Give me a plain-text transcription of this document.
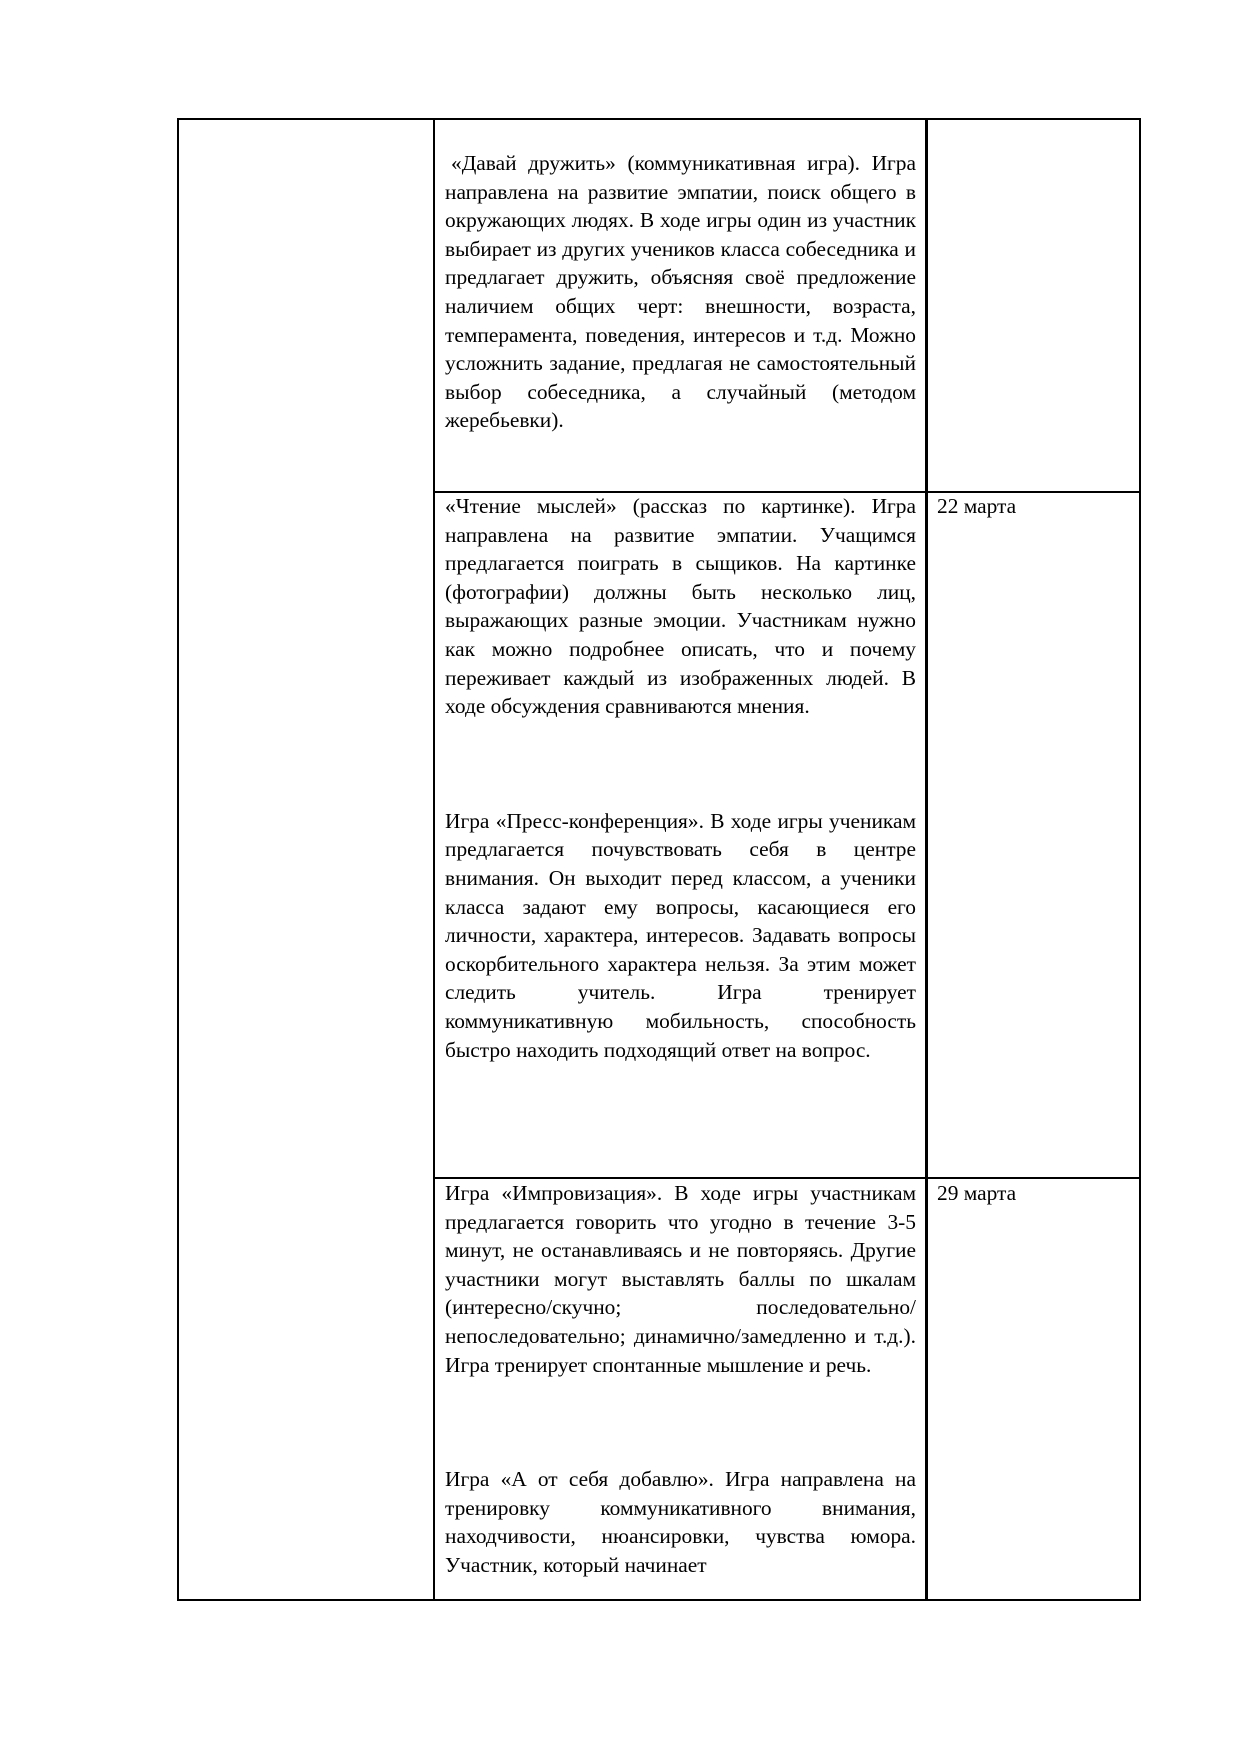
«Давай дружить» (коммуникативная игра). Игра направлена на развитие эмпатии, поиск общего в окружающих людях. В ходе игры один из участник выбирает из других учеников класса собеседника и предлагает дружить, объясняя своё предложение наличием общих черт: внешности, возраста, темперамента, поведения, интересов и т.д. Можно усложнить задание, предлагая не самостоятельный выбор собеседника, а случайный (методом жеребьевки).

«Чтение мыслей» (рассказ по картинке). Игра направлена на развитие эмпатии. Учащимся предлагается поиграть в сыщиков. На картинке (фотографии) должны быть несколько лиц, выражающих разные эмоции. Участникам нужно как можно подробнее описать, что и почему переживает каждый из изображенных людей. В ходе обсуждения сравниваются мнения.

Игра «Пресс-конференция». В ходе игры ученикам предлагается почувствовать себя в центре внимания. Он выходит перед классом, а ученики класса задают ему вопросы, касающиеся его личности, характера, интересов. Задавать вопросы оскорбительного характера нельзя. За этим может следить учитель. Игра тренирует коммуникативную мобильность, способность быстро находить подходящий ответ на вопрос.

22 марта

Игра «Импровизация». В ходе игры участникам предлагается говорить что угодно в течение 3-5 минут, не останавливаясь и не повторяясь. Другие участники могут выставлять баллы по шкалам (интересно/скучно; последовательно/непоследовательно; динамично/замедленно и т.д.). Игра тренирует спонтанные мышление и речь.

Игра «А от себя добавлю». Игра направлена на тренировку коммуникативного внимания, находчивости, нюансировки, чувства юмора. Участник, который начинает

29 марта
